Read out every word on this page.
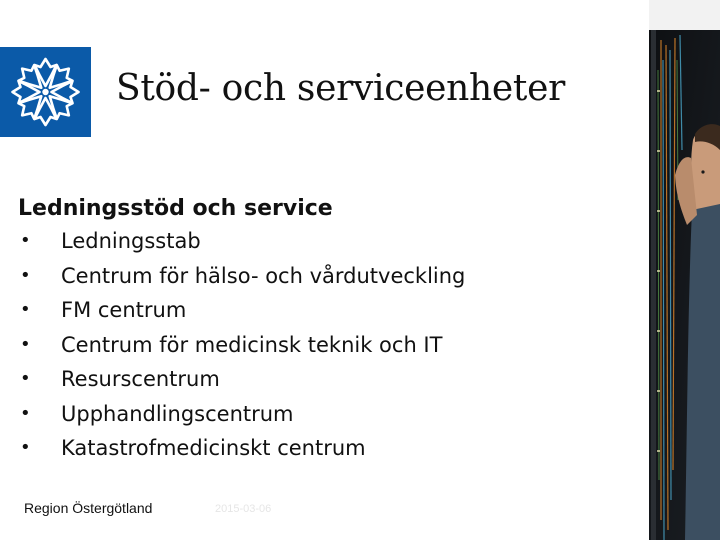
Stöd- och serviceenheter
Ledningsstöd och service
•	Ledningsstab
•	Centrum för hälso- och vårdutveckling
•	FM centrum
•	Centrum för medicinsk teknik och IT
•	Resurscentrum
•	Upphandlingscentrum
•	Katastrofmedicinskt centrum
Region Östergötland	2015-03-06
